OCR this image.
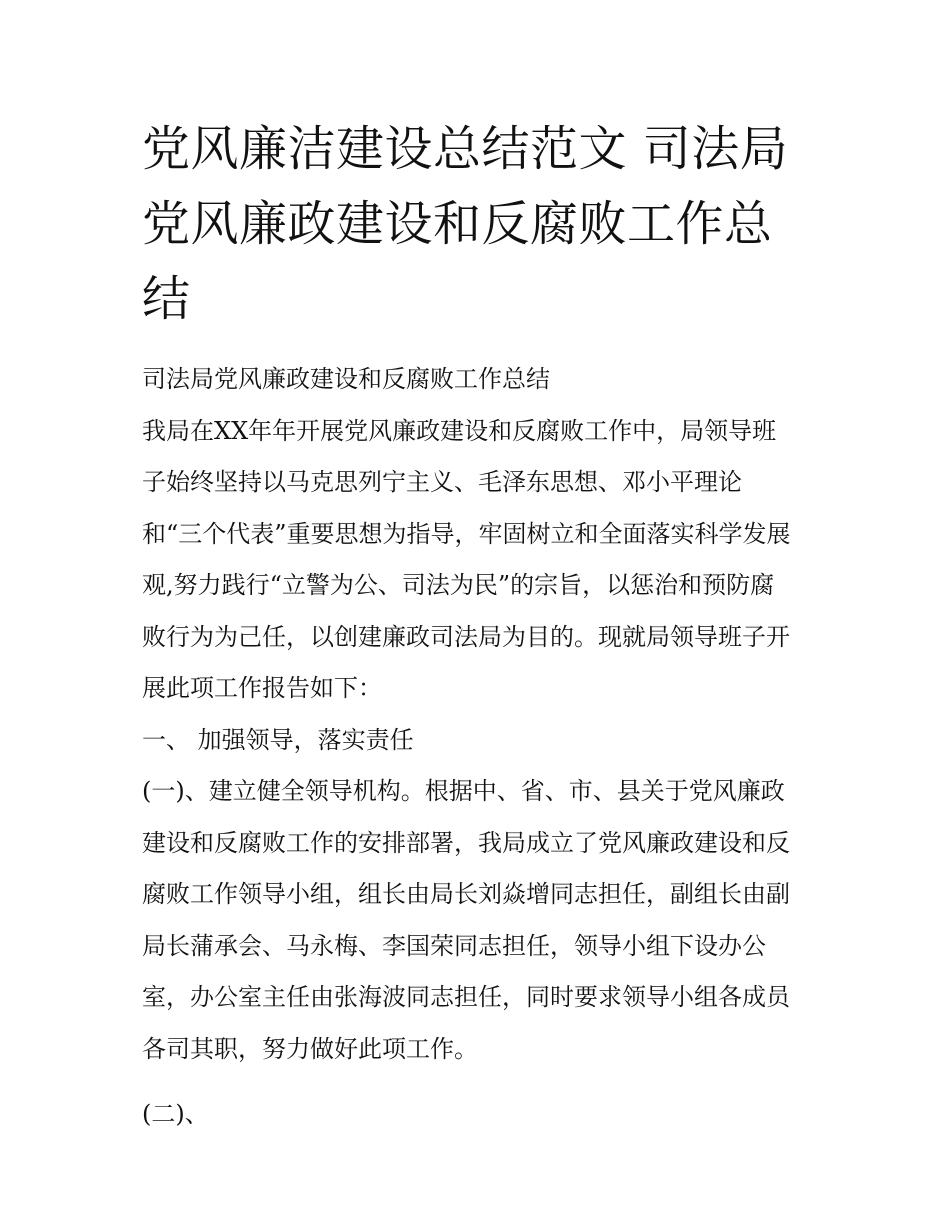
党风廉洁建设总结范文 司法局
党风廉政建设和反腐败工作总
结
司法局党风廉政建设和反腐败工作总结
我局在XX年年开展党风廉政建设和反腐败工作中，局领导班
子始终坚持以马克思列宁主义、毛泽东思想、邓小平理论
和“三个代表”重要思想为指导，牢固树立和全面落实科学发展
观,努力践行“立警为公、司法为民”的宗旨，以惩治和预防腐
败行为为己任，以创建廉政司法局为目的。现就局领导班子开
展此项工作报告如下：
一、 加强领导，落实责任
(一)、建立健全领导机构。根据中、省、市、县关于党风廉政
建设和反腐败工作的安排部署，我局成立了党风廉政建设和反
腐败工作领导小组，组长由局长刘焱增同志担任，副组长由副
局长蒲承会、马永梅、李国荣同志担任，领导小组下设办公
室，办公室主任由张海波同志担任，同时要求领导小组各成员
各司其职，努力做好此项工作。
(二)、
